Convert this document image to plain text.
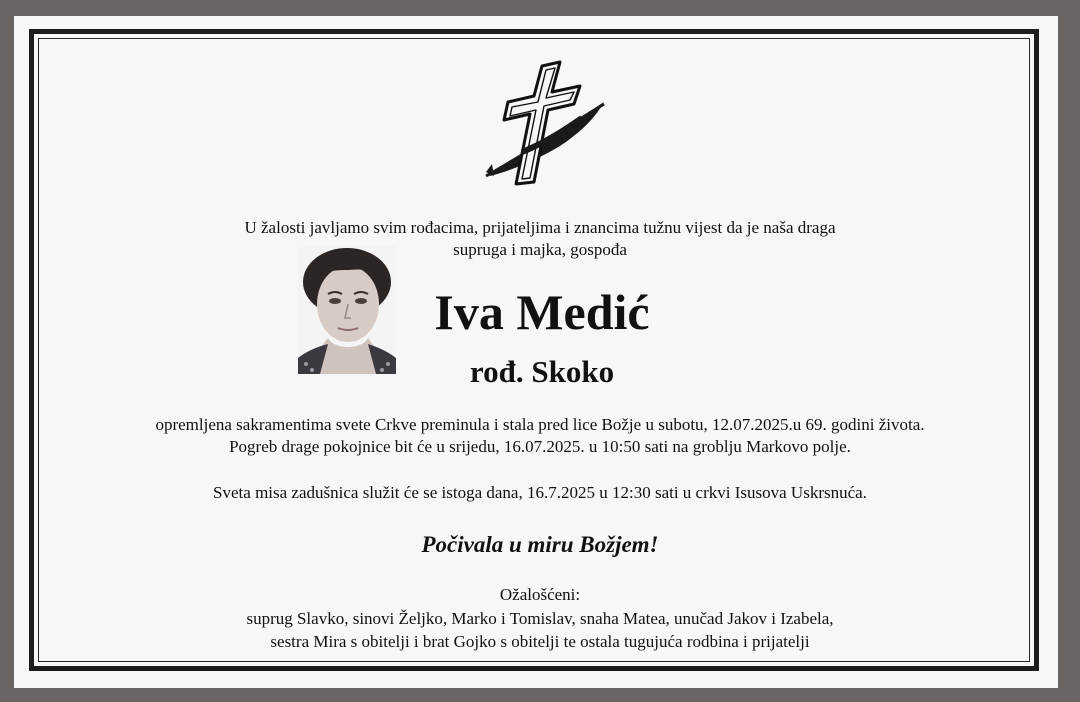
U žalosti javljamo svim rođacima, prijateljima i znancima tužnu vijest da je naša draga
supruga i majka, gospođa
Iva Medić
rođ. Skoko
opremljena sakramentima svete Crkve preminula i stala pred lice Božje u subotu, 12.07.2025.u 69. godini života.
Pogreb drage pokojnice bit će u srijedu, 16.07.2025. u 10:50 sati na groblju Markovo polje.
Sveta misa zadušnica služit će se istoga dana, 16.7.2025 u 12:30 sati u crkvi Isusova Uskrsnuća.
Počivala u miru Božjem!
Ožalošćeni:
suprug Slavko, sinovi Željko, Marko i Tomislav, snaha Matea, unučad Jakov i Izabela,
sestra Mira s obitelji i brat Gojko s obitelji te ostala tugujuća rodbina i prijatelji
